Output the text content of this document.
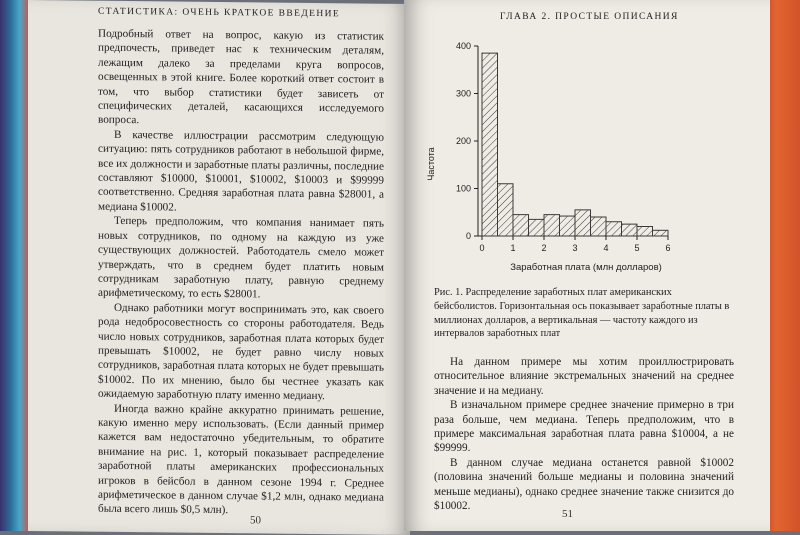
СТАТИСТИКА: ОЧЕНЬ КРАТКОЕ ВВЕДЕНИЕ

Подробный ответ на вопрос, какую из статистик предпочесть, приведет нас к техническим деталям, лежащим далеко за пределами круга вопросов, освещенных в этой книге. Более короткий ответ состоит в том, что выбор статистики будет зависеть от специфических деталей, касающихся исследуемого вопроса.

В качестве иллюстрации рассмотрим следующую ситуацию: пять сотрудников работают в небольшой фирме, все их должности и заработные платы различны, последние составляют $10000, $10001, $10002, $10003 и $99999 соответственно. Средняя заработная плата равна $28001, а медиана $10002.

Теперь предположим, что компания нанимает пять новых сотрудников, по одному на каждую из уже существующих должностей. Работодатель смело может утверждать, что в среднем будет платить новым сотрудникам заработную плату, равную среднему арифметическому, то есть $28001.

Однако работники могут воспринимать это, как своего рода недобросовестность со стороны работодателя. Ведь число новых сотрудников, заработная плата которых будет превышать $10002, не будет равно числу новых сотрудников, заработная плата которых не будет превышать $10002. По их мнению, было бы честнее указать как ожидаемую заработную плату именно медиану.

Иногда важно крайне аккуратно принимать решение, какую именно меру использовать. (Если данный пример кажется вам недостаточно убедительным, то обратите внимание на рис. 1, который показывает распределение заработной платы американских профессиональных игроков в бейсбол в данном сезоне 1994 г. Среднее арифметическое в данном случае $1,2 млн, однако медиана была всего лишь $0,5 млн).

50
ГЛАВА 2. ПРОСТЫЕ ОПИСАНИЯ
0
100
200
300
400
0	1	2	3	4	5	6
Частота
Заработная плата (млн долларов)
Рис. 1. Распределение заработных плат американских бейсболистов. Горизонтальная ось показывает заработные платы в миллионах долларов, а вертикальная — частоту каждого из интервалов заработных плат

На данном примере мы хотим проиллюстрировать относительное влияние экстремальных значений на среднее значение и на медиану.

В изначальном примере среднее значение примерно в три раза больше, чем медиана. Теперь предположим, что в примере максимальная заработная плата равна $10004, а не $99999.

В данном случае медиана останется равной $10002 (половина значений больше медианы и половина значений меньше медианы), однако среднее значение также снизится до $10002.

51
